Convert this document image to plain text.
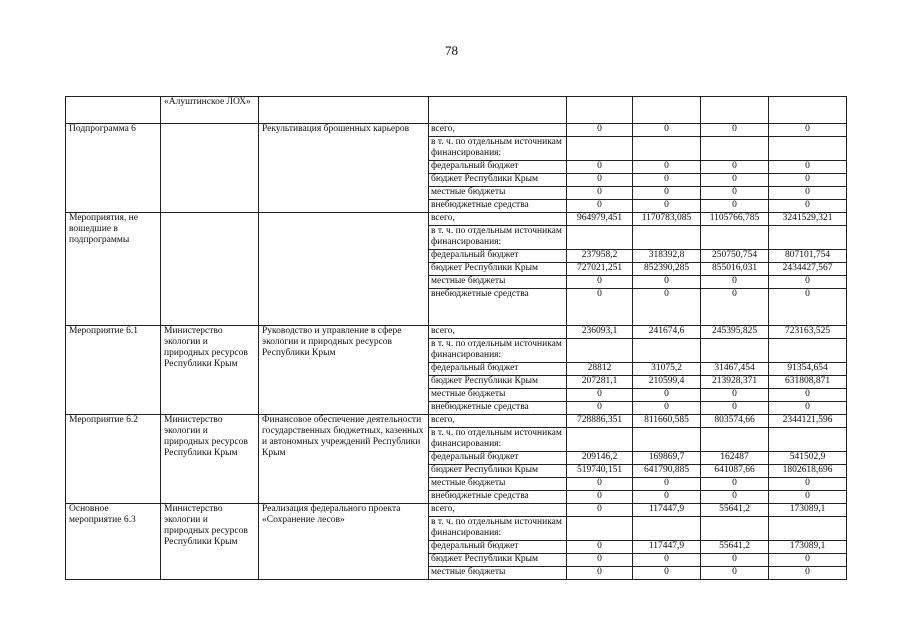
78
	«Алуштинское ЛОХ»						
Подпрограмма 6		Рекультивация брошенных карьеров	всего,	0	0	0	0
			в т. ч. по отдельным источникам финансирования:				
			федеральный бюджет	0	0	0	0
			бюджет Республики Крым	0	0	0	0
			местные бюджеты	0	0	0	0
			внебюджетные средства	0	0	0	0
Мероприятия, не вошедшие в подпрограммы			всего,	964979,451	1170783,085	1105766,785	3241529,321
			в т. ч. по отдельным источникам финансирования:				
			федеральный бюджет	237958,2	318392,8	250750,754	807101,754
			бюджет Республики Крым	727021,251	852390,285	855016,031	2434427,567
			местные бюджеты	0	0	0	0
			внебюджетные средства	0	0	0	0
Мероприятие 6.1	Министерство экологии и природных ресурсов Республики Крым	Руководство и управление в сфере экологии и природных ресурсов Республики Крым	всего,	236093,1	241674,6	245395,825	723163,525
			в т. ч. по отдельным источникам финансирования:				
			федеральный бюджет	28812	31075,2	31467,454	91354,654
			бюджет Республики Крым	207281,1	210599,4	213928,371	631808,871
			местные бюджеты	0	0	0	0
			внебюджетные средства	0	0	0	0
Мероприятие 6.2	Министерство экологии и природных ресурсов Республики Крым	Финансовое обеспечение деятельности государственных бюджетных, казенных и автономных учреждений Республики Крым	всего,	728886,351	811660,585	803574,66	2344121,596
			в т. ч. по отдельным источникам финансирования:				
			федеральный бюджет	209146,2	169869,7	162487	541502,9
			бюджет Республики Крым	519740,151	641790,885	641087,66	1802618,696
			местные бюджеты	0	0	0	0
			внебюджетные средства	0	0	0	0
Основное мероприятие 6.3	Министерство экологии и природных ресурсов Республики Крым	Реализация федерального проекта «Сохранение лесов»	всего,	0	117447,9	55641,2	173089,1
			в т. ч. по отдельным источникам финансирования:				
			федеральный бюджет	0	117447,9	55641,2	173089,1
			бюджет Республики Крым	0	0	0	0
			местные бюджеты	0	0	0	0
